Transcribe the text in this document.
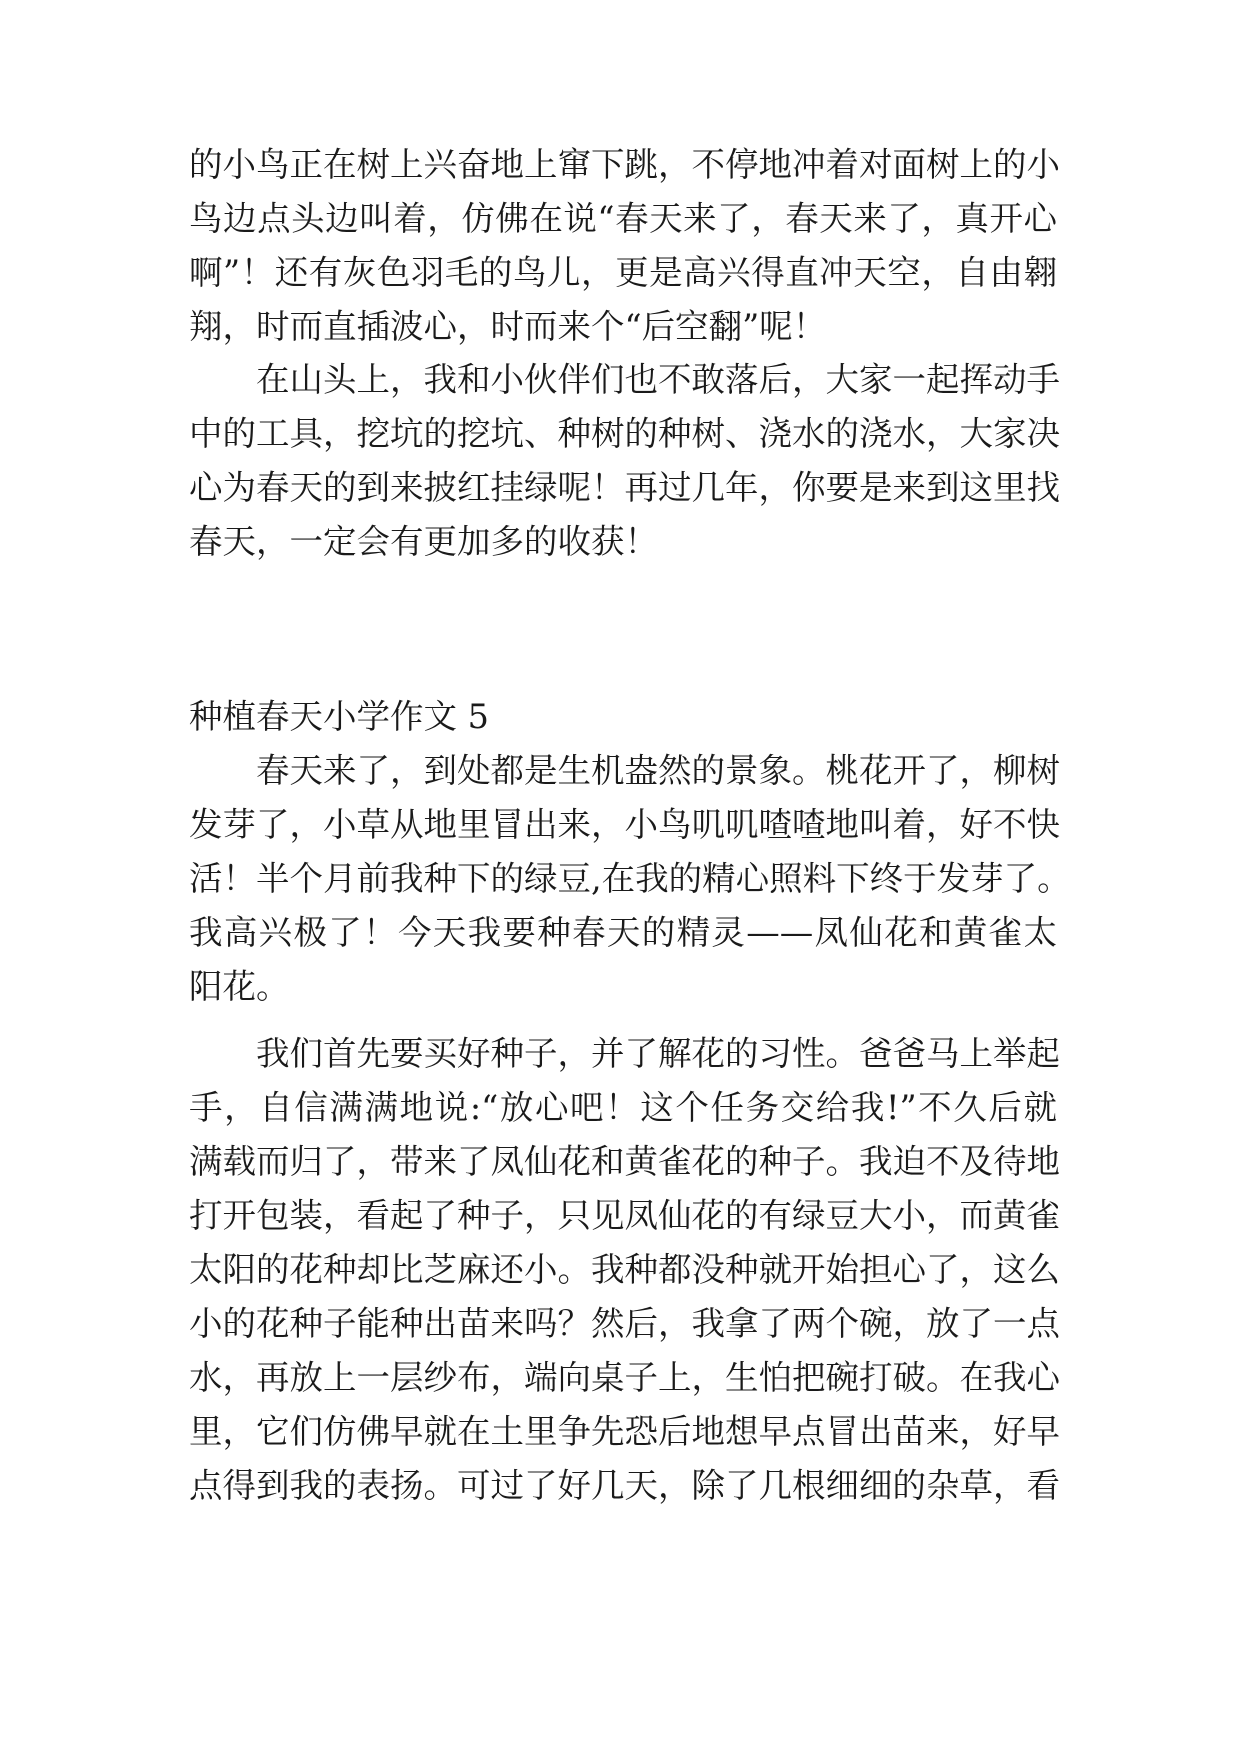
的小鸟正在树上兴奋地上窜下跳，不停地冲着对面树上的小
鸟边点头边叫着，仿佛在说“春天来了，春天来了，真开心
啊”！还有灰色羽毛的鸟儿，更是高兴得直冲天空，自由翱
翔，时而直插波心，时而来个“后空翻”呢！
在山头上，我和小伙伴们也不敢落后，大家一起挥动手
中的工具，挖坑的挖坑、种树的种树、浇水的浇水，大家决
心为春天的到来披红挂绿呢！再过几年，你要是来到这里找
春天，一定会有更加多的收获！
种植春天小学作文 5
春天来了，到处都是生机盎然的景象。桃花开了，柳树
发芽了，小草从地里冒出来，小鸟叽叽喳喳地叫着，好不快
活！半个月前我种下的绿豆,在我的精心照料下终于发芽了。
我高兴极了！今天我要种春天的精灵——凤仙花和黄雀太
阳花。
我们首先要买好种子，并了解花的习性。爸爸马上举起
手，自信满满地说:“放心吧！这个任务交给我!”不久后就
满载而归了，带来了凤仙花和黄雀花的种子。我迫不及待地
打开包装，看起了种子，只见凤仙花的有绿豆大小，而黄雀
太阳的花种却比芝麻还小。我种都没种就开始担心了，这么
小的花种子能种出苗来吗？然后，我拿了两个碗，放了一点
水，再放上一层纱布，端向桌子上，生怕把碗打破。在我心
里，它们仿佛早就在土里争先恐后地想早点冒出苗来，好早
点得到我的表扬。可过了好几天，除了几根细细的杂草，看
